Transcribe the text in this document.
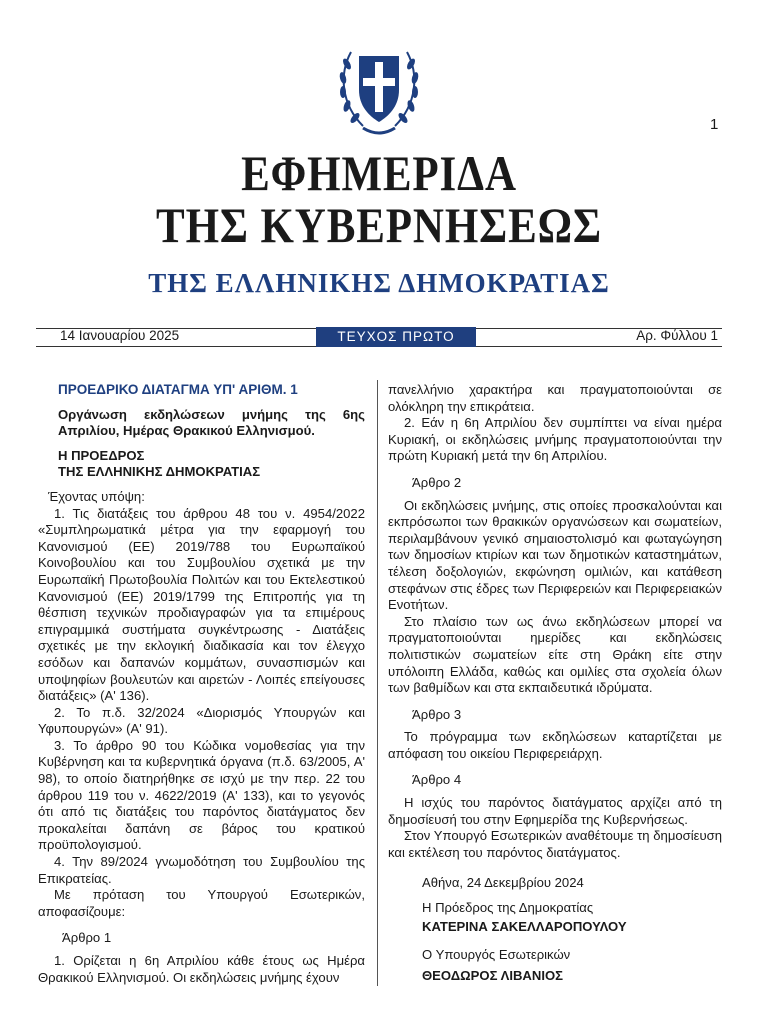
1
ΕΦΗΜΕΡΙΔΑ
ΤΗΣ ΚΥΒΕΡΝΗΣΕΩΣ
ΤΗΣ ΕΛΛΗΝΙΚΗΣ ΔΗΜΟΚΡΑΤΙΑΣ
14 Ιανουαρίου 2025	ΤΕΥΧΟΣ ΠΡΩΤΟ	Αρ. Φύλλου 1

ΠΡΟΕΔΡΙΚΟ ΔΙΑΤΑΓΜΑ ΥΠ' ΑΡΙΘΜ. 1

Οργάνωση εκδηλώσεων μνήμης της 6ης Απριλίου, Ημέρας Θρακικού Ελληνισμού.

Η ΠΡΟΕΔΡΟΣ

ΤΗΣ ΕΛΛΗΝΙΚΗΣ ΔΗΜΟΚΡΑΤΙΑΣ

Έχοντας υπόψη:

1. Τις διατάξεις του άρθρου 48 του ν. 4954/2022 «Συμπληρωματικά μέτρα για την εφαρμογή του Κανονισμού (ΕΕ) 2019/788 του Ευρωπαϊκού Κοινοβουλίου και του Συμβουλίου σχετικά με την Ευρωπαϊκή Πρωτοβουλία Πολιτών και του Εκτελεστικού Κανονισμού (ΕΕ) 2019/1799 της Επιτροπής για τη θέσπιση τεχνικών προδιαγραφών για τα επιμέρους επιγραμμικά συστήματα συγκέντρωσης - Διατάξεις σχετικές με την εκλογική διαδικασία και τον έλεγχο εσόδων και δαπανών κομμάτων, συνασπισμών και υποψηφίων βουλευτών και αιρετών - Λοιπές επείγουσες διατάξεις» (Α' 136).

2. Το π.δ. 32/2024 «Διορισμός Υπουργών και Υφυπουργών» (Α' 91).

3. Το άρθρο 90 του Κώδικα νομοθεσίας για την Κυβέρνηση και τα κυβερνητικά όργανα (π.δ. 63/2005, Α' 98), το οποίο διατηρήθηκε σε ισχύ με την περ. 22 του άρθρου 119 του ν. 4622/2019 (Α' 133), και το γεγονός ότι από τις διατάξεις του παρόντος διατάγματος δεν προκαλείται δαπάνη σε βάρος του κρατικού προϋπολογισμού.

4. Την 89/2024 γνωμοδότηση του Συμβουλίου της Επικρατείας.

Με πρόταση του Υπουργού Εσωτερικών, αποφασίζουμε:

Άρθρο 1

1. Ορίζεται η 6η Απριλίου κάθε έτους ως Ημέρα Θρακικού Ελληνισμού. Οι εκδηλώσεις μνήμης έχουν

πανελλήνιο χαρακτήρα και πραγματοποιούνται σε ολόκληρη την επικράτεια.

2. Εάν η 6η Απριλίου δεν συμπίπτει να είναι ημέρα Κυριακή, οι εκδηλώσεις μνήμης πραγματοποιούνται την πρώτη Κυριακή μετά την 6η Απριλίου.

Άρθρο 2

Οι εκδηλώσεις μνήμης, στις οποίες προσκαλούνται και εκπρόσωποι των θρακικών οργανώσεων και σωματείων, περιλαμβάνουν γενικό σημαιοστολισμό και φωταγώγηση των δημοσίων κτιρίων και των δημοτικών καταστημάτων, τέλεση δοξολογιών, εκφώνηση ομιλιών, και κατάθεση στεφάνων στις έδρες των Περιφερειών και Περιφερειακών Ενοτήτων.

Στο πλαίσιο των ως άνω εκδηλώσεων μπορεί να πραγματοποιούνται ημερίδες και εκδηλώσεις πολιτιστικών σωματείων είτε στη Θράκη είτε στην υπόλοιπη Ελλάδα, καθώς και ομιλίες στα σχολεία όλων των βαθμίδων και στα εκπαιδευτικά ιδρύματα.

Άρθρο 3

Το πρόγραμμα των εκδηλώσεων καταρτίζεται με απόφαση του οικείου Περιφερειάρχη.

Άρθρο 4

Η ισχύς του παρόντος διατάγματος αρχίζει από τη δημοσίευσή του στην Εφημερίδα της Κυβερνήσεως.

Στον Υπουργό Εσωτερικών αναθέτουμε τη δημοσίευση και εκτέλεση του παρόντος διατάγματος.

Αθήνα, 24 Δεκεμβρίου 2024

Η Πρόεδρος της Δημοκρατίας

ΚΑΤΕΡΙΝΑ ΣΑΚΕΛΛΑΡΟΠΟΥΛΟΥ

Ο Υπουργός Εσωτερικών

ΘΕΟΔΩΡΟΣ ΛΙΒΑΝΙΟΣ
